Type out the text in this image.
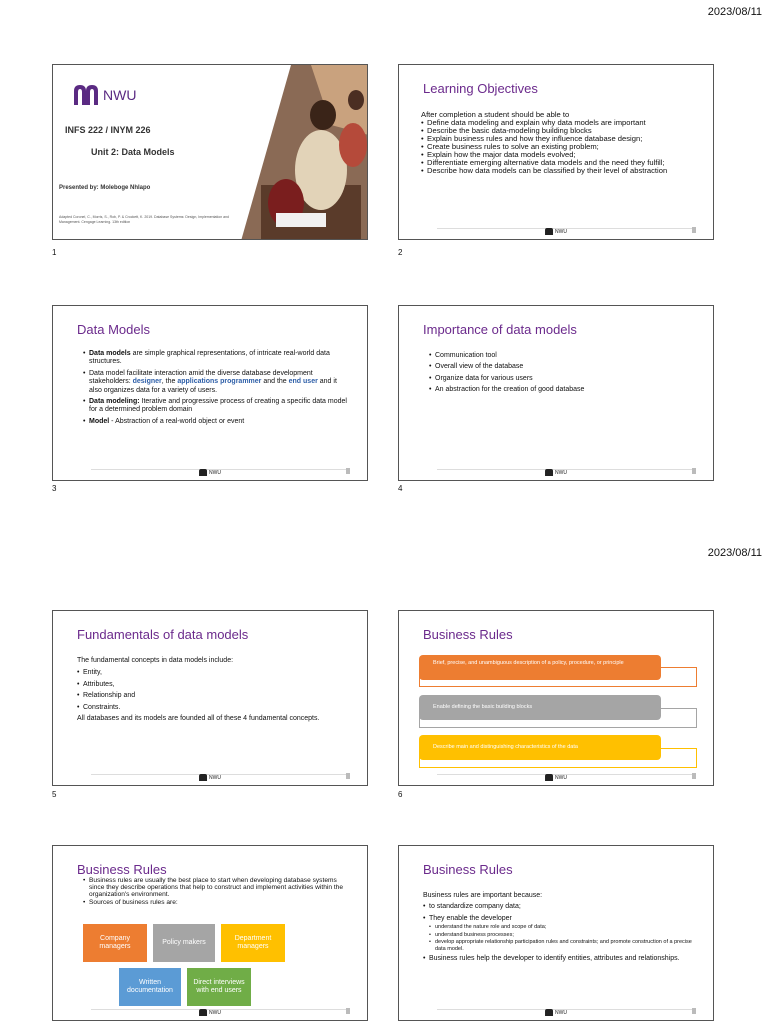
2023/08/11
2023/08/11
NWU
INFS 222 / INYM 226
Unit 2: Data Models
Presented by: Moleboge Nhlapo
Adapted Coronel, C., Morris, S., Rob, P. & Crockett, K. 2019. Database Systems: Design, Implementation and Management. Cengage Learning. 13th edition
1
Learning Objectives
After completion a student should be able to
• Define data modeling and explain why data models are important
• Describe the basic data-modeling building blocks
• Explain business rules and how they influence database design;
• Create business rules to solve an existing problem;
• Explain how the major data models evolved;
• Differentiate emerging alternative data models and the need they fulfill;
• Describe how data models can be classified by their level of abstraction
NWU
2
Data Models
• Data models are simple graphical representations, of intricate real-world data structures.
• Data model facilitate interaction amid the diverse database development stakeholders: designer, the applications programmer and the end user and it also organizes data for a variety of users.
• Data modeling: Iterative and progressive process of creating a specific data model for a determined problem domain
• Model - Abstraction of a real-world object or event
NWU
3
Importance of data models
• Communication tool
• Overall view of the database
• Organize data for various users
• An abstraction for the creation of good database
NWU
4
Fundamentals of data models
The fundamental concepts in data models include:
• Entity,
• Attributes,
• Relationship and
• Constraints.
All databases and its models are founded all of these 4 fundamental concepts.
NWU
5
Business Rules
Brief, precise, and unambiguous description of a policy, procedure, or principle
Enable defining the basic building blocks
Describe main and distinguishing characteristics of the data
NWU
6
Business Rules
• Business rules are usually the best place to start when developing database systems since they describe operations that help to construct and implement activities within the organization's environment.
• Sources of business rules are:
Company managers
Policy makers
Department managers
Written documentation
Direct interviews with end users
NWU
Business Rules
Business rules are important because:
• to standardize company data;
• They enable the developer
• understand the nature role and scope of data;
• understand business processes;
• develop appropriate relationship participation rules and constraints; and promote construction of a precise data model.
• Business rules help the developer to identify entities, attributes and relationships.
NWU
